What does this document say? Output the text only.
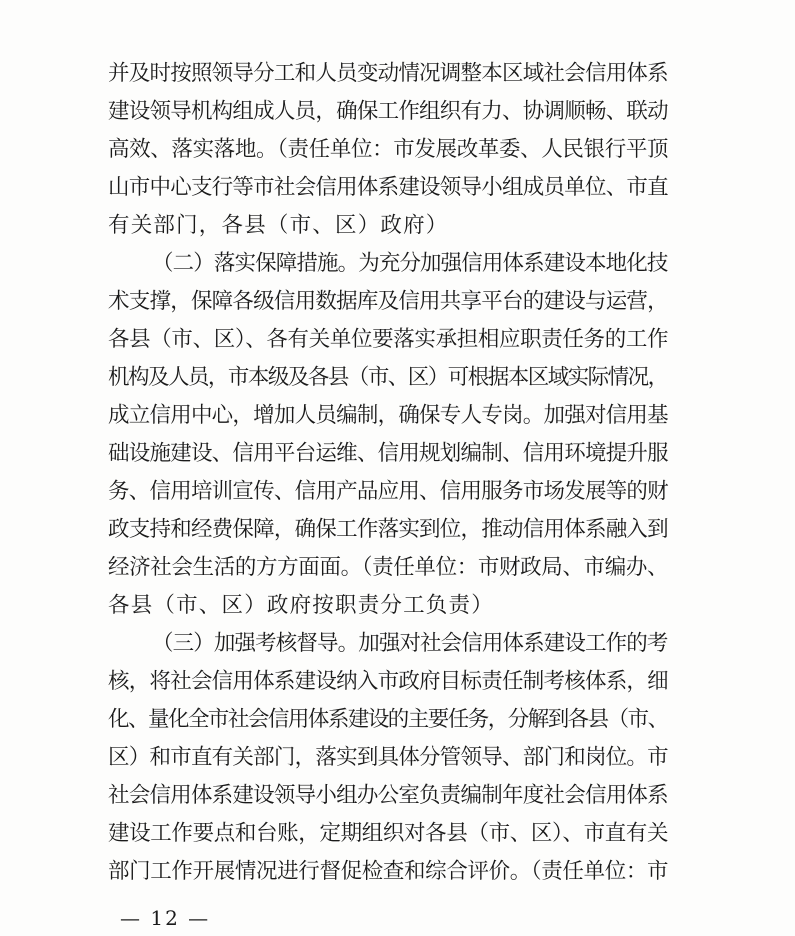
并及时按照领导分工和人员变动情况调整本区域社会信用体系
建设领导机构组成人员，确保工作组织有力、协调顺畅、联动
高效、落实落地。（责任单位：市发展改革委、人民银行平顶
山市中心支行等市社会信用体系建设领导小组成员单位、市直
有关部门，各县（市、区）政府）
（二）落实保障措施。为充分加强信用体系建设本地化技
术支撑，保障各级信用数据库及信用共享平台的建设与运营，
各县（市、区）、各有关单位要落实承担相应职责任务的工作
机构及人员，市本级及各县（市、区）可根据本区域实际情况，
成立信用中心，增加人员编制，确保专人专岗。加强对信用基
础设施建设、信用平台运维、信用规划编制、信用环境提升服
务、信用培训宣传、信用产品应用、信用服务市场发展等的财
政支持和经费保障，确保工作落实到位，推动信用体系融入到
经济社会生活的方方面面。（责任单位：市财政局、市编办、
各县（市、区）政府按职责分工负责）
（三）加强考核督导。加强对社会信用体系建设工作的考
核，将社会信用体系建设纳入市政府目标责任制考核体系，细
化、量化全市社会信用体系建设的主要任务，分解到各县（市、
区）和市直有关部门，落实到具体分管领导、部门和岗位。市
社会信用体系建设领导小组办公室负责编制年度社会信用体系
建设工作要点和台账，定期组织对各县（市、区）、市直有关
部门工作开展情况进行督促检查和综合评价。（责任单位：市
— 12 —
